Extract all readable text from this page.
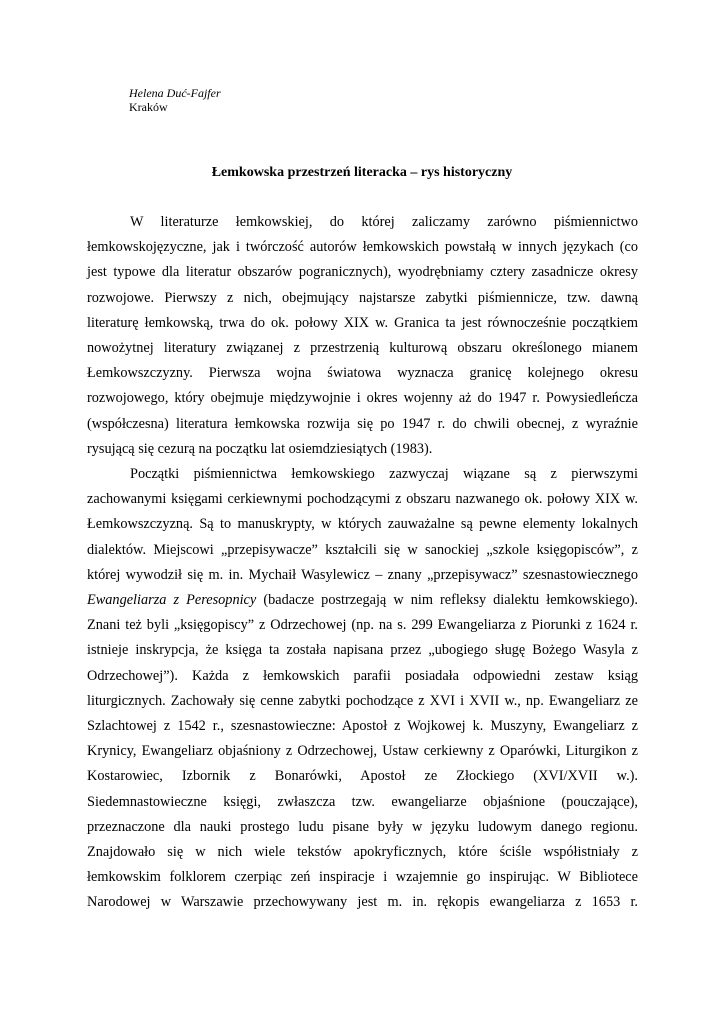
Helena Duć-Fajfer
Kraków
Łemkowska przestrzeń literacka – rys historyczny
W literaturze łemkowskiej, do której zaliczamy zarówno piśmiennictwo
łemkowskojęzyczne, jak i twórczość autorów łemkowskich powstałą w innych językach (co
jest typowe dla literatur obszarów pogranicznych), wyodrębniamy cztery zasadnicze okresy
rozwojowe. Pierwszy z nich, obejmujący najstarsze zabytki piśmiennicze, tzw. dawną
literaturę łemkowską, trwa do ok. połowy XIX w. Granica ta jest równocześnie początkiem
nowożytnej literatury związanej z przestrzenią kulturową obszaru określonego mianem
Łemkowszczyzny. Pierwsza wojna światowa wyznacza granicę kolejnego okresu
rozwojowego, który obejmuje międzywojnie i okres wojenny aż do 1947 r. Powysiedleńcza
(współczesna) literatura łemkowska rozwija się po 1947 r. do chwili obecnej, z wyraźnie
rysującą się cezurą na początku lat osiemdziesiątych (1983).
Początki piśmiennictwa łemkowskiego zazwyczaj wiązane są z pierwszymi
zachowanymi księgami cerkiewnymi pochodzącymi z obszaru nazwanego ok. połowy XIX w.
Łemkowszczyzną. Są to manuskrypty, w których zauważalne są pewne elementy lokalnych
dialektów. Miejscowi „przepisywacze” kształcili się w sanockiej „szkole księgopisców”, z
której wywodził się m. in. Mychaił Wasylewicz – znany „przepisywacz” szesnastowiecznego
Ewangeliarza z Peresopnicy (badacze postrzegają w nim refleksy dialektu łemkowskiego).
Znani też byli „księgopiscy” z Odrzechowej (np. na s. 299 Ewangeliarza z Piorunki z 1624 r.
istnieje inskrypcja, że księga ta została napisana przez „ubogiego sługę Bożego Wasyla z
Odrzechowej”). Każda z łemkowskich parafii posiadała odpowiedni zestaw ksiąg
liturgicznych. Zachowały się cenne zabytki pochodzące z XVI i XVII w., np. Ewangeliarz ze
Szlachtowej z 1542 r., szesnastowieczne: Apostoł z Wojkowej k. Muszyny, Ewangeliarz z
Krynicy, Ewangeliarz objaśniony z Odrzechowej, Ustaw cerkiewny z Oparówki, Liturgikon z
Kostarowiec, Izbornik z Bonarówki, Apostoł ze Złockiego (XVI/XVII w.).
Siedemnastowieczne księgi, zwłaszcza tzw. ewangeliarze objaśnione (pouczające),
przeznaczone dla nauki prostego ludu pisane były w języku ludowym danego regionu.
Znajdowało się w nich wiele tekstów apokryficznych, które ściśle współistniały z
łemkowskim folklorem czerpiąc zeń inspiracje i wzajemnie go inspirując. W Bibliotece
Narodowej w Warszawie przechowywany jest m. in. rękopis ewangeliarza z 1653 r.
